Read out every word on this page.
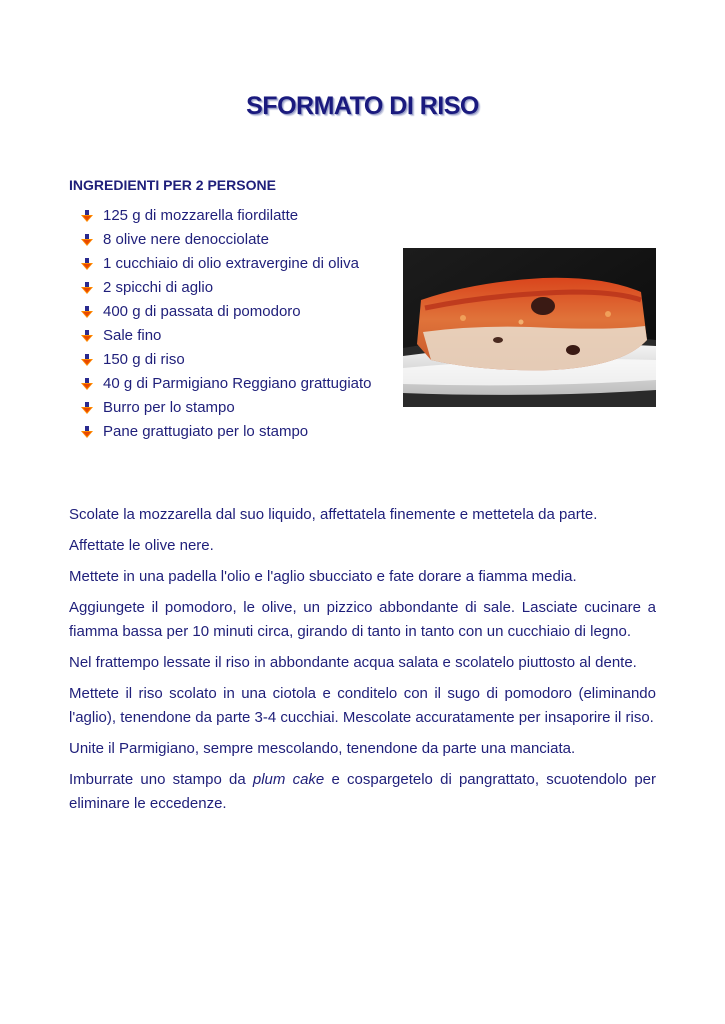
SFORMATO DI RISO
INGREDIENTI PER 2 PERSONE
125 g di mozzarella fiordilatte
8 olive nere denocciolate
1 cucchiaio di olio extravergine di oliva
2 spicchi di aglio
400 g di passata di pomodoro
Sale fino
150 g di riso
40 g di Parmigiano Reggiano grattugiato
Burro per lo stampo
Pane grattugiato per lo stampo

Scolate la mozzarella dal suo liquido, affettatela finemente e mettetela da parte.

Affettate le olive nere.

Mettete in una padella l'olio e l'aglio sbucciato e fate dorare a fiamma media.

Aggiungete il pomodoro, le olive, un pizzico abbondante di sale. Lasciate cucinare a fiamma bassa per 10 minuti circa, girando di tanto in tanto con un cucchiaio di legno.

Nel frattempo lessate il riso in abbondante acqua salata e scolatelo piuttosto al dente.

Mettete il riso scolato in una ciotola e conditelo con il sugo di pomodoro (eliminando l'aglio), tenendone da parte 3-4 cucchiai. Mescolate accuratamente per insaporire il riso.

Unite il Parmigiano, sempre mescolando, tenendone da parte una manciata.

Imburrate uno stampo da plum cake e cospargetelo di pangrattato, scuotendolo per eliminare le eccedenze.
